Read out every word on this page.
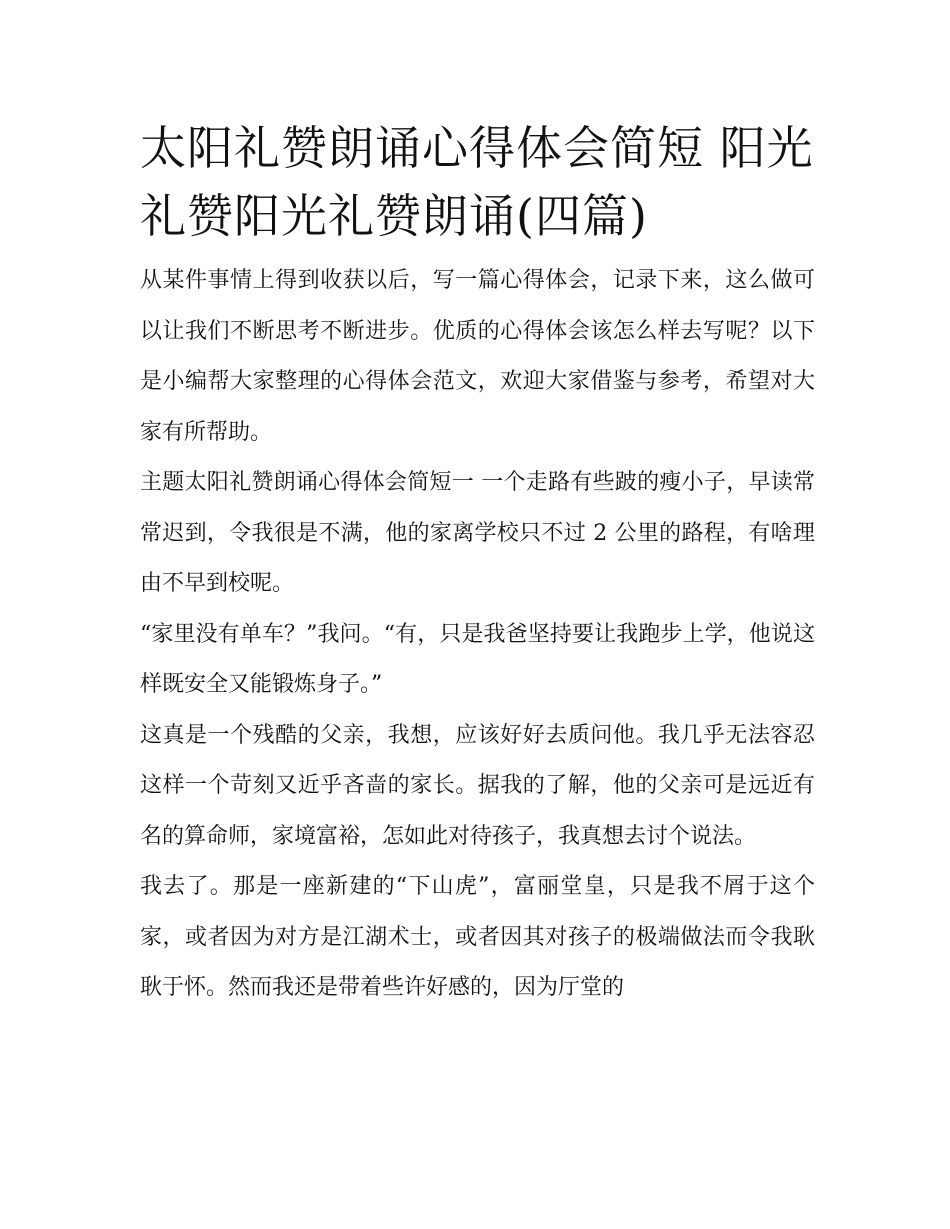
太阳礼赞朗诵心得体会简短 阳光礼赞阳光礼赞朗诵(四篇)

从某件事情上得到收获以后，写一篇心得体会，记录下来，这么做可以让我们不断思考不断进步。优质的心得体会该怎么样去写呢？以下是小编帮大家整理的心得体会范文，欢迎大家借鉴与参考，希望对大家有所帮助。

主题太阳礼赞朗诵心得体会简短一 一个走路有些跛的瘦小子，早读常常迟到，令我很是不满，他的家离学校只不过 2 公里的路程，有啥理由不早到校呢。

“家里没有单车？”我问。“有，只是我爸坚持要让我跑步上学，他说这样既安全又能锻炼身子。”

这真是一个残酷的父亲，我想，应该好好去质问他。我几乎无法容忍这样一个苛刻又近乎吝啬的家长。据我的了解，他的父亲可是远近有名的算命师，家境富裕，怎如此对待孩子，我真想去讨个说法。

我去了。那是一座新建的“下山虎”，富丽堂皇，只是我不屑于这个家，或者因为对方是江湖术士，或者因其对孩子的极端做法而令我耿耿于怀。然而我还是带着些许好感的，因为厅堂的
